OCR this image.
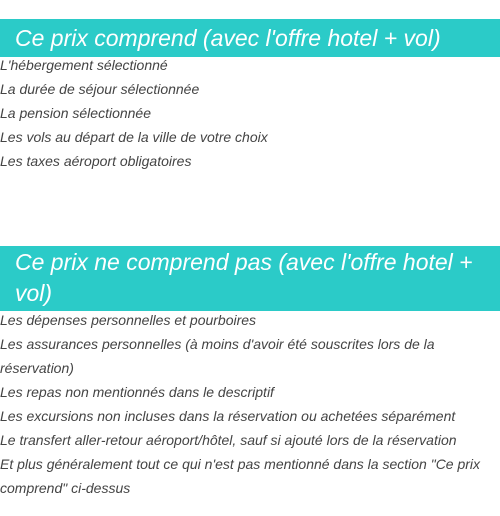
Ce prix comprend (avec l'offre hotel + vol)
L'hébergement sélectionné
La durée de séjour sélectionnée
La pension sélectionnée
Les vols au départ de la ville de votre choix
Les taxes aéroport obligatoires
Ce prix ne comprend pas (avec l'offre hotel + vol)
Les dépenses personnelles et pourboires
Les assurances personnelles (à moins d'avoir été souscrites lors de la réservation)
Les repas non mentionnés dans le descriptif
Les excursions non incluses dans la réservation ou achetées séparément
Le transfert aller-retour aéroport/hôtel, sauf si ajouté lors de la réservation
Et plus généralement tout ce qui n'est pas mentionné dans la section "Ce prix comprend" ci-dessus
